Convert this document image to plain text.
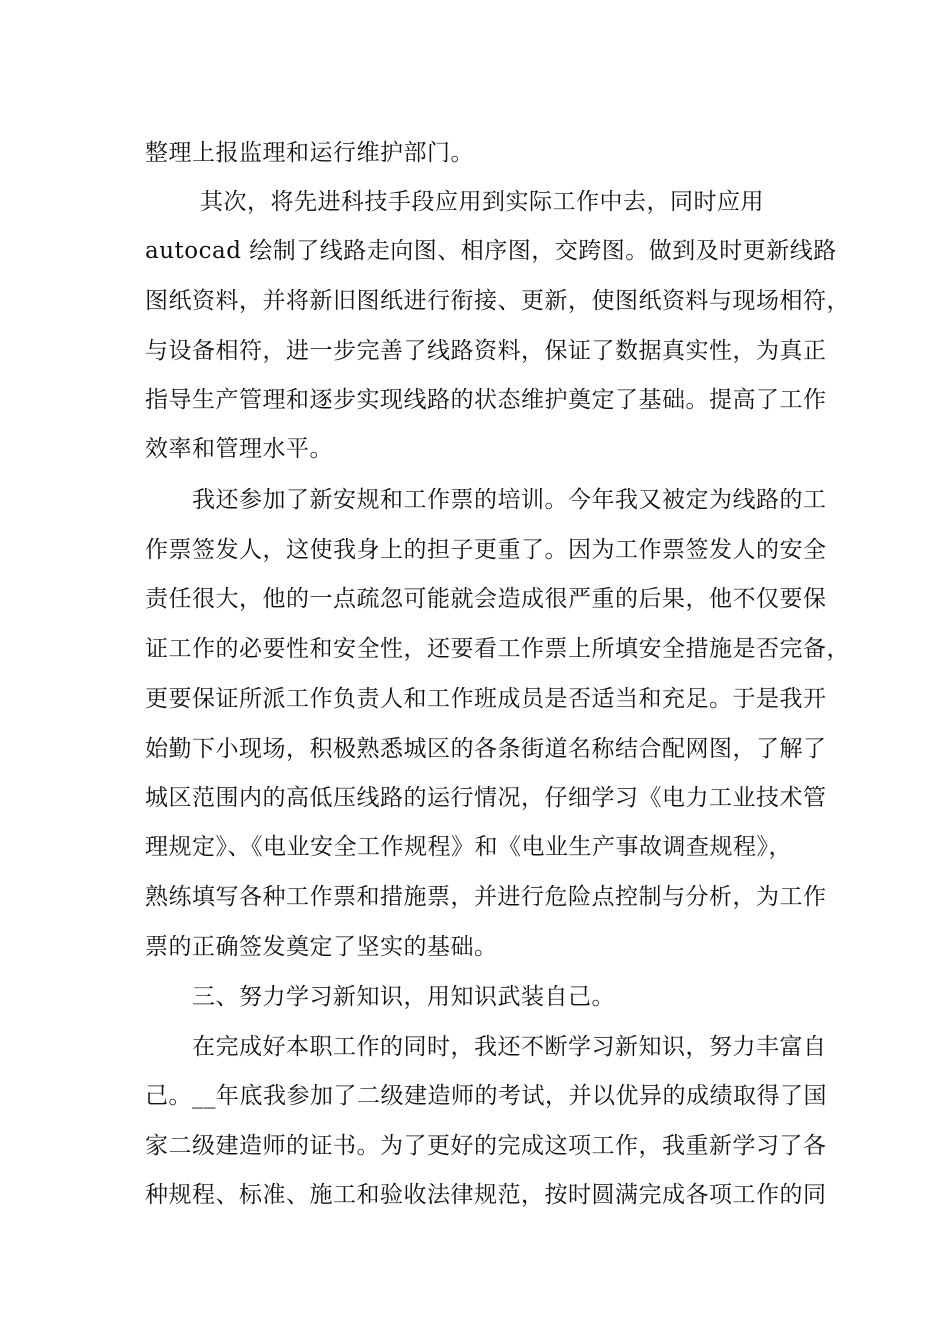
整理上报监理和运行维护部门。
其次，将先进科技手段应用到实际工作中去，同时应用
autocad 绘制了线路走向图、相序图，交跨图。做到及时更新线路
图纸资料，并将新旧图纸进行衔接、更新，使图纸资料与现场相符，
与设备相符，进一步完善了线路资料，保证了数据真实性，为真正
指导生产管理和逐步实现线路的状态维护奠定了基础。提高了工作
效率和管理水平。
我还参加了新安规和工作票的培训。今年我又被定为线路的工
作票签发人，这使我身上的担子更重了。因为工作票签发人的安全
责任很大，他的一点疏忽可能就会造成很严重的后果，他不仅要保
证工作的必要性和安全性，还要看工作票上所填安全措施是否完备，
更要保证所派工作负责人和工作班成员是否适当和充足。于是我开
始勤下小现场，积极熟悉城区的各条街道名称结合配网图，了解了
城区范围内的高低压线路的运行情况，仔细学习《电力工业技术管
理规定》、《电业安全工作规程》和《电业生产事故调查规程》，
熟练填写各种工作票和措施票，并进行危险点控制与分析，为工作
票的正确签发奠定了坚实的基础。
三、努力学习新知识，用知识武装自己。
在完成好本职工作的同时，我还不断学习新知识，努力丰富自
己。__年底我参加了二级建造师的考试，并以优异的成绩取得了国
家二级建造师的证书。为了更好的完成这项工作，我重新学习了各
种规程、标准、施工和验收法律规范，按时圆满完成各项工作的同
